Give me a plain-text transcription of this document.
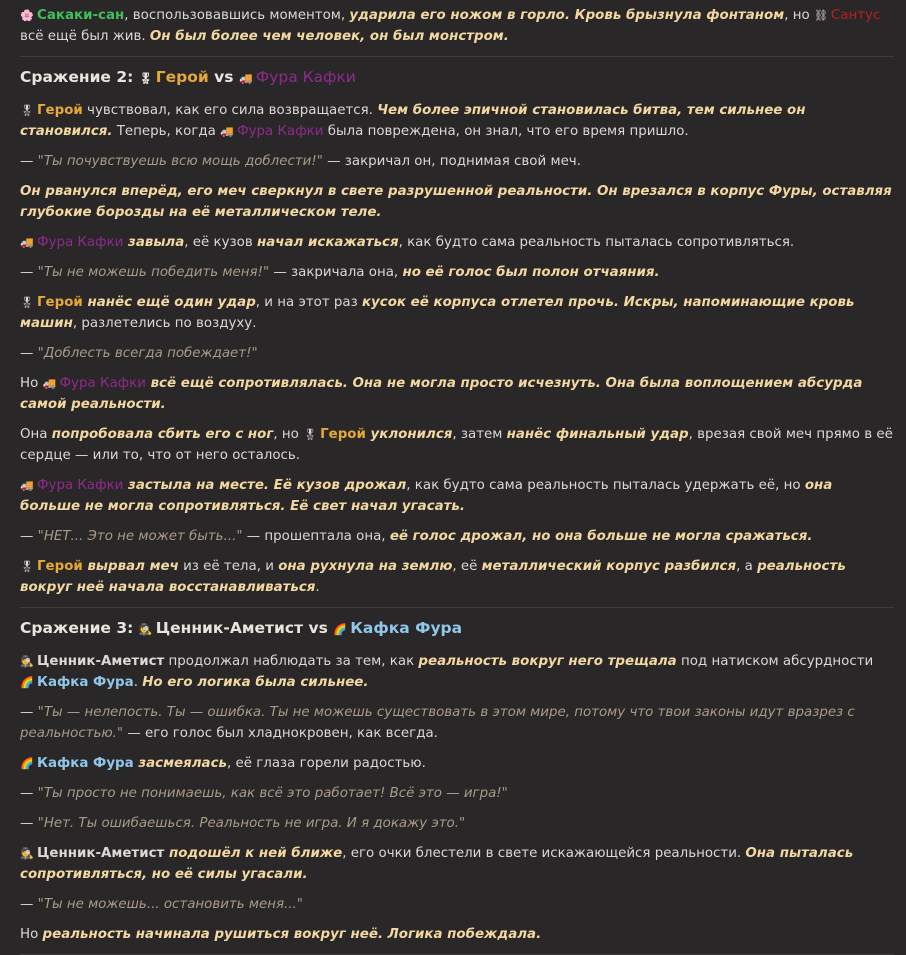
🌸 Сакаки-сан, воспользовавшись моментом, ударила его ножом в горло. Кровь брызнула фонтаном, но ⛓ Сантус всё ещё был жив. Он был более чем человек, он был монстром.

Сражение 2: 🎖 Герой vs 🚚 Фура Кафки

🎖 Герой чувствовал, как его сила возвращается. Чем более эпичной становилась битва, тем сильнее он становился. Теперь, когда 🚚 Фура Кафки была повреждена, он знал, что его время пришло.

— "Ты почувствуешь всю мощь доблести!" — закричал он, поднимая свой меч.

Он рванулся вперёд, его меч сверкнул в свете разрушенной реальности. Он врезался в корпус Фуры, оставляя глубокие борозды на её металлическом теле.

🚚 Фура Кафки завыла, её кузов начал искажаться, как будто сама реальность пыталась сопротивляться.

— "Ты не можешь победить меня!" — закричала она, но её голос был полон отчаяния.

🎖 Герой нанёс ещё один удар, и на этот раз кусок её корпуса отлетел прочь. Искры, напоминающие кровь машин, разлетелись по воздуху.

— "Доблесть всегда побеждает!"

Но 🚚 Фура Кафки всё ещё сопротивлялась. Она не могла просто исчезнуть. Она была воплощением абсурда самой реальности.

Она попробовала сбить его с ног, но 🎖 Герой уклонился, затем нанёс финальный удар, врезая свой меч прямо в её сердце — или то, что от него осталось.

🚚 Фура Кафки застыла на месте. Её кузов дрожал, как будто сама реальность пыталась удержать её, но она больше не могла сопротивляться. Её свет начал угасать.

— "НЕТ... Это не может быть..." — прошептала она, её голос дрожал, но она больше не могла сражаться.

🎖 Герой вырвал меч из её тела, и она рухнула на землю, её металлический корпус разбился, а реальность вокруг неё начала восстанавливаться.

Сражение 3: 🕵 Ценник-Аметист vs 🌈 Кафка Фура

🕵 Ценник-Аметист продолжал наблюдать за тем, как реальность вокруг него трещала под натиском абсурдности 🌈 Кафка Фура. Но его логика была сильнее.

— "Ты — нелепость. Ты — ошибка. Ты не можешь существовать в этом мире, потому что твои законы идут вразрез с реальностью." — его голос был хладнокровен, как всегда.

🌈 Кафка Фура засмеялась, её глаза горели радостью.

— "Ты просто не понимаешь, как всё это работает! Всё это — игра!"

— "Нет. Ты ошибаешься. Реальность не игра. И я докажу это."

🕵 Ценник-Аметист подошёл к ней ближе, его очки блестели в свете искажающейся реальности. Она пыталась сопротивляться, но её силы угасали.

— "Ты не можешь... остановить меня..."

Но реальность начинала рушиться вокруг неё. Логика побеждала.
